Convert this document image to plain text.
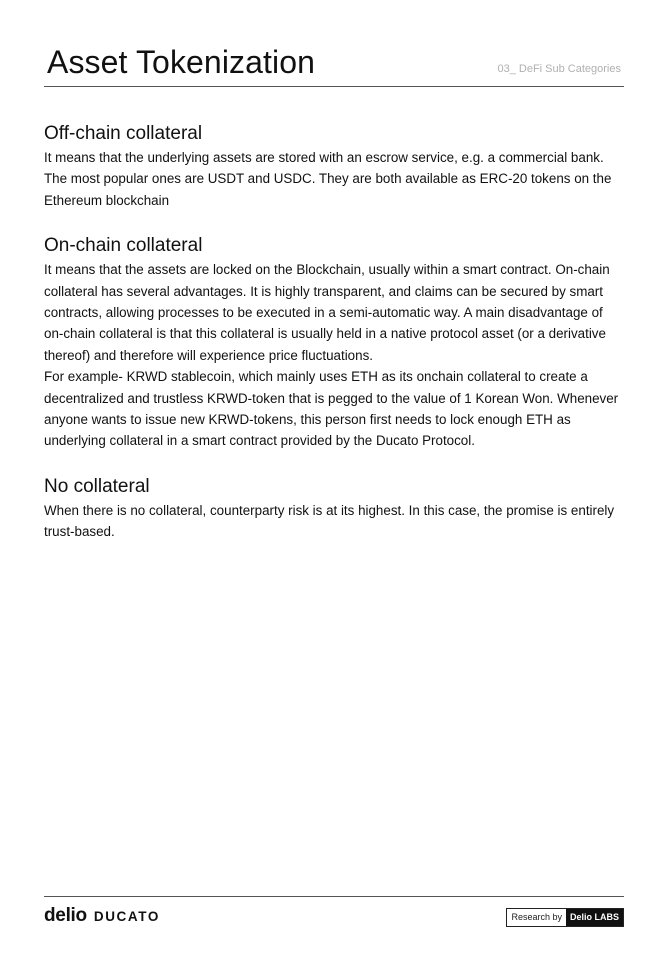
Asset Tokenization	03_ DeFi Sub Categories
Off-chain collateral

It means that the underlying assets are stored with an escrow service, e.g. a commercial bank. The most popular ones are USDT and USDC. They are both available as ERC-20 tokens on the Ethereum blockchain

On-chain collateral

It means that the assets are locked on the Blockchain, usually within a smart contract. On-chain collateral has several advantages. It is highly transparent, and claims can be secured by smart contracts, allowing processes to be executed in a semi-automatic way. A main disadvantage of on-chain collateral is that this collateral is usually held in a native protocol asset (or a derivative thereof) and therefore will experience price fluctuations.

For example- KRWD stablecoin, which mainly uses ETH as its onchain collateral to create a decentralized and trustless KRWD-token that is pegged to the value of 1 Korean Won. Whenever anyone wants to issue new KRWD-tokens, this person first needs to lock enough ETH as underlying collateral in a smart contract provided by the Ducato Protocol.

No collateral

When there is no collateral, counterparty risk is at its highest. In this case, the promise is entirely trust-based.

delio DUCATO	Research by Delio LABS
